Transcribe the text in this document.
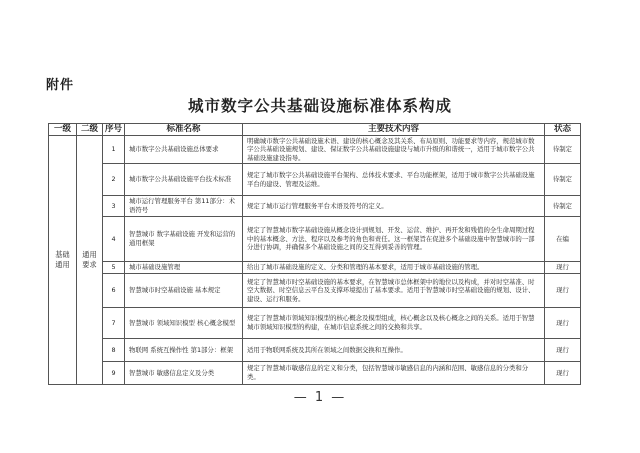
附件
城市数字公共基础设施标准体系构成
一级	二级	序号	标准名称	主要技术内容	状态
基础通用	通用要求	1	城市数字公共基础设施总体要求	明确城市数字公共基础设施术语、建设的核心概念及其关系、布局原则、功能要求等内容，规范城市数字公共基础设施规划、建设、保证数字公共基础设施建设与城市升级的和谐统一，适用于城市数字公共基础设施建设指导。	待制定
		2	城市数字公共基础设施平台技术标准	规定了城市数字公共基础设施平台架构、总体技术要求、平台功能框架，适用于城市数字公共基础设施平台的建设、管理及运维。	待制定
		3	城市运行管理服务平台 第11部分：术语符号	规定了城市运行管理服务平台术语及符号的定义。	待制定
		4	智慧城市 数字基础设施 开发和运营的通用框架	规定了智慧城市数字基础设施从概念设计到规划、开发、运营、维护、再开发和残值的全生命周期过程中的基本概念、方法、程序以及参考的角色和责任。这一框架旨在促进多个基础设施中智慧城市的一部分进行协调，并确保多个基础设施之间的交互得到妥善的管理。	在编
		5	城市基础设施管理	给出了城市基础设施的定义、分类和管理的基本要求，适用于城市基础设施的管理。	现行
		6	智慧城市时空基础设施 基本规定	规定了智慧城市时空基础设施的基本要求，在智慧城市总体框架中的地位以及构成，并对时空基准、时空大数据、时空信息云平台及支撑环境提出了基本要求。适用于智慧城市时空基础设施的规划、设计、建设、运行和服务。	现行
		7	智慧城市 领域知识模型 核心概念模型	规定了智慧城市领域知识模型的核心概念及模型组成，核心概念以及核心概念之间的关系。适用于智慧城市领域知识模型的构建，在城市信息系统之间的交换和共享。	现行
		8	物联网 系统互操作性 第1部分：框架	适用于物联网系统及其所在领域之间数据交换和互操作。	现行
		9	智慧城市 敏感信息定义及分类	规定了智慧城市敏感信息的定义和分类，包括智慧城市敏感信息的内涵和范围、敏感信息的分类和分类。	现行
— 1 —
